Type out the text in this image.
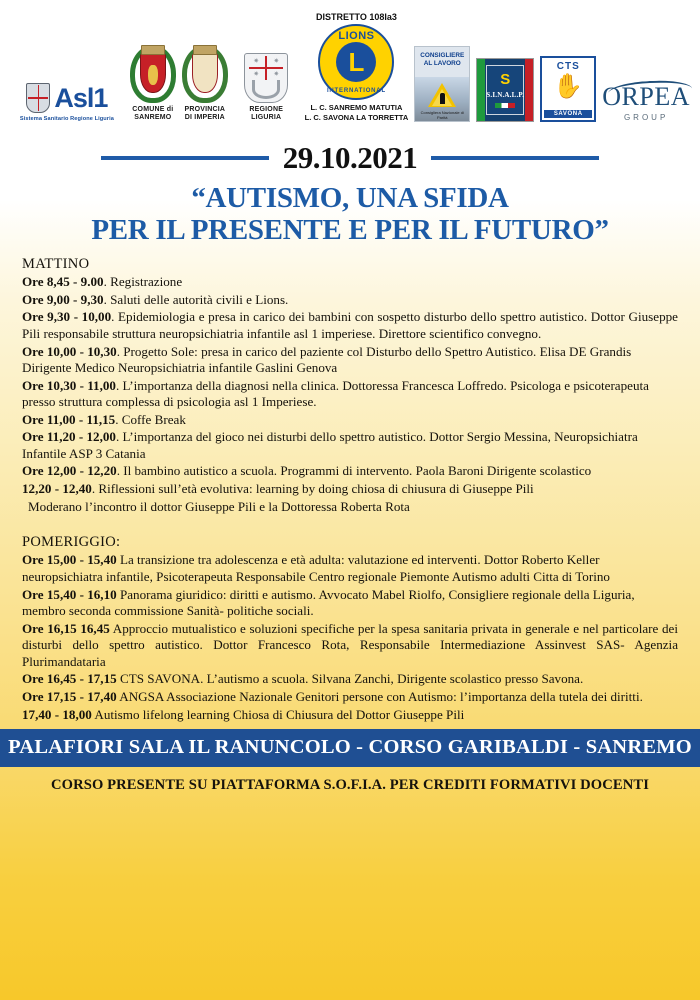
Asl1
Sistema Sanitario Regione Liguria
COMUNE di
SANREMO
PROVINCIA
DI IMPERIA
✷ ✷
✷ ✷
REGIONE LIGURIA
DISTRETTO 108Ia3
LIONS
L
INTERNATIONAL
L. C. SANREMO MATUTIA
L. C. SAVONA LA TORRETTA
CONSIGLIERE
AL LAVORO
Consiglierа Nazionale di Parità
S
S.I.N.A.L.P.
CTS
✋
SAVONA
ORPEA
GROUP
29.10.2021
“AUTISMO, UNA SFIDA
PER IL PRESENTE E PER IL FUTURO”
MATTINO

Ore 8,45 - 9.00. Registrazione

Ore 9,00 - 9,30. Saluti delle autorità civili e Lions.

Ore 9,30 - 10,00. Epidemiologia e presa in carico dei bambini con sospetto disturbo dello spettro autistico. Dottor Giuseppe Pili responsabile struttura neuropsichiatria infantile asl 1 imperiese. Direttore scientifico convegno.

Ore 10,00 - 10,30. Progetto Sole: presa in carico del paziente col Disturbo dello Spettro Autistico. Elisa DE Grandis Dirigente Medico Neuropsichiatria infantile Gaslini Genova

Ore 10,30 - 11,00. L’importanza della diagnosi nella clinica. Dottoressa Francesca Loffredo. Psicologa e psicoterapeuta presso struttura complessa di psicologia asl 1 Imperiese.

Ore 11,00 - 11,15. Coffe Break

Ore 11,20 - 12,00. L’importanza del gioco nei disturbi dello spettro autistico. Dottor Sergio Messina, Neuropsichiatra Infantile ASP 3 Catania

Ore 12,00 - 12,20. Il bambino autistico a scuola. Programmi di intervento. Paola Baroni Dirigente scolastico

12,20 - 12,40. Riflessioni sull’età evolutiva: learning by doing chiosa di chiusura di Giuseppe Pili

Moderano l’incontro il dottor Giuseppe Pili e la Dottoressa Roberta Rota

POMERIGGIO:

Ore 15,00 - 15,40 La transizione tra adolescenza e età adulta: valutazione ed interventi. Dottor Roberto Keller neuropsichiatra infantile, Psicoterapeuta Responsabile Centro regionale Piemonte Autismo adulti Citta di Torino

Ore 15,40 - 16,10 Panorama giuridico: diritti e autismo. Avvocato Mabel Riolfo, Consigliere regionale della Liguria, membro seconda commissione Sanità- politiche sociali.

Ore 16,15 16,45 Approccio mutualistico e soluzioni specifiche per la spesa sanitaria privata in generale e nel particolare dei disturbi dello spettro autistico. Dottor Francesco Rota, Responsabile Intermediazione Assinvest SAS- Agenzia Plurimandataria

Ore 16,45 - 17,15 CTS SAVONA. L’autismo a scuola. Silvana Zanchi, Dirigente scolastico presso Savona.

Ore 17,15 - 17,40 ANGSA Associazione Nazionale Genitori persone con Autismo: l’importanza della tutela dei diritti.

17,40 - 18,00 Autismo lifelong learning Chiosa di Chiusura del Dottor Giuseppe Pili

PALAFIORI SALA IL RANUNCOLO - CORSO GARIBALDI - SANREMO
CORSO PRESENTE SU PIATTAFORMA S.O.F.I.A. PER CREDITI FORMATIVI DOCENTI
